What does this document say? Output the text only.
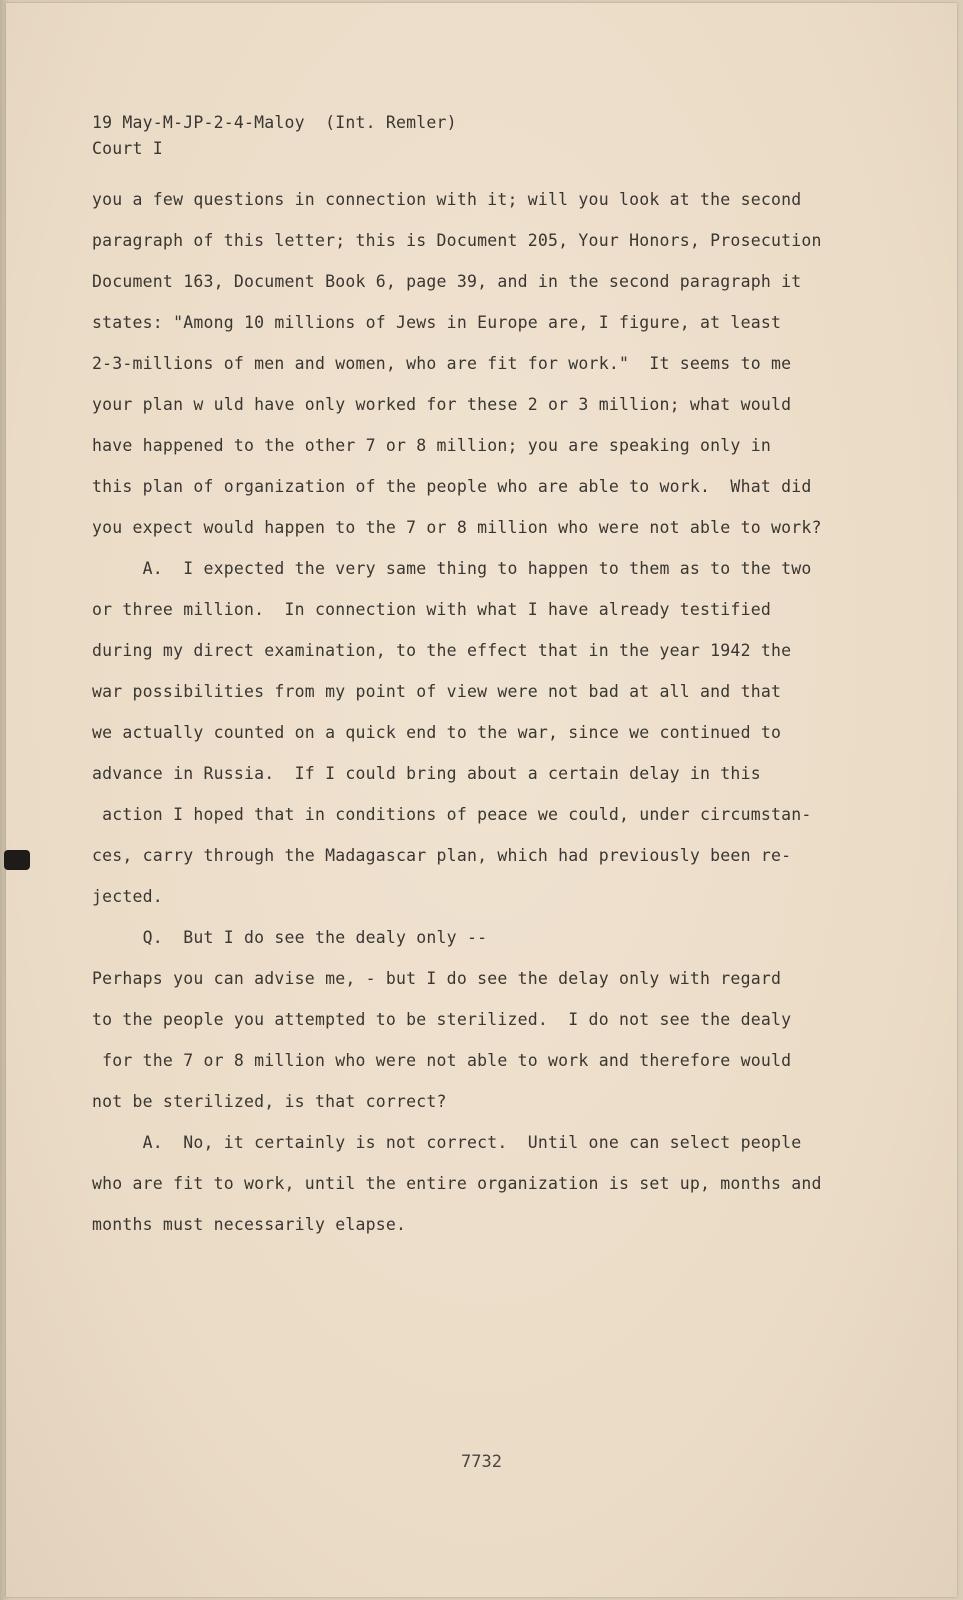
19 May-M-JP-2-4-Maloy  (Int. Remler)
Court I
you a few questions in connection with it; will you look at the second
paragraph of this letter; this is Document 205, Your Honors, Prosecution
Document 163, Document Book 6, page 39, and in the second paragraph it
states: "Among 10 millions of Jews in Europe are, I figure, at least
2-3-millions of men and women, who are fit for work."  It seems to me
your plan w uld have only worked for these 2 or 3 million; what would
have happened to the other 7 or 8 million; you are speaking only in
this plan of organization of the people who are able to work.  What did
you expect would happen to the 7 or 8 million who were not able to work?
A.  I expected the very same thing to happen to them as to the two
or three million.  In connection with what I have already testified
during my direct examination, to the effect that in the year 1942 the
war possibilities from my point of view were not bad at all and that
we actually counted on a quick end to the war, since we continued to
advance in Russia.  If I could bring about a certain delay in this
action I hoped that in conditions of peace we could, under circumstan-
ces, carry through the Madagascar plan, which had previously been re-
jected.
Q.  But I do see the dealy only --
Perhaps you can advise me, - but I do see the delay only with regard
to the people you attempted to be sterilized.  I do not see the dealy
for the 7 or 8 million who were not able to work and therefore would
not be sterilized, is that correct?
A.  No, it certainly is not correct.  Until one can select people
who are fit to work, until the entire organization is set up, months and
months must necessarily elapse.
7732
